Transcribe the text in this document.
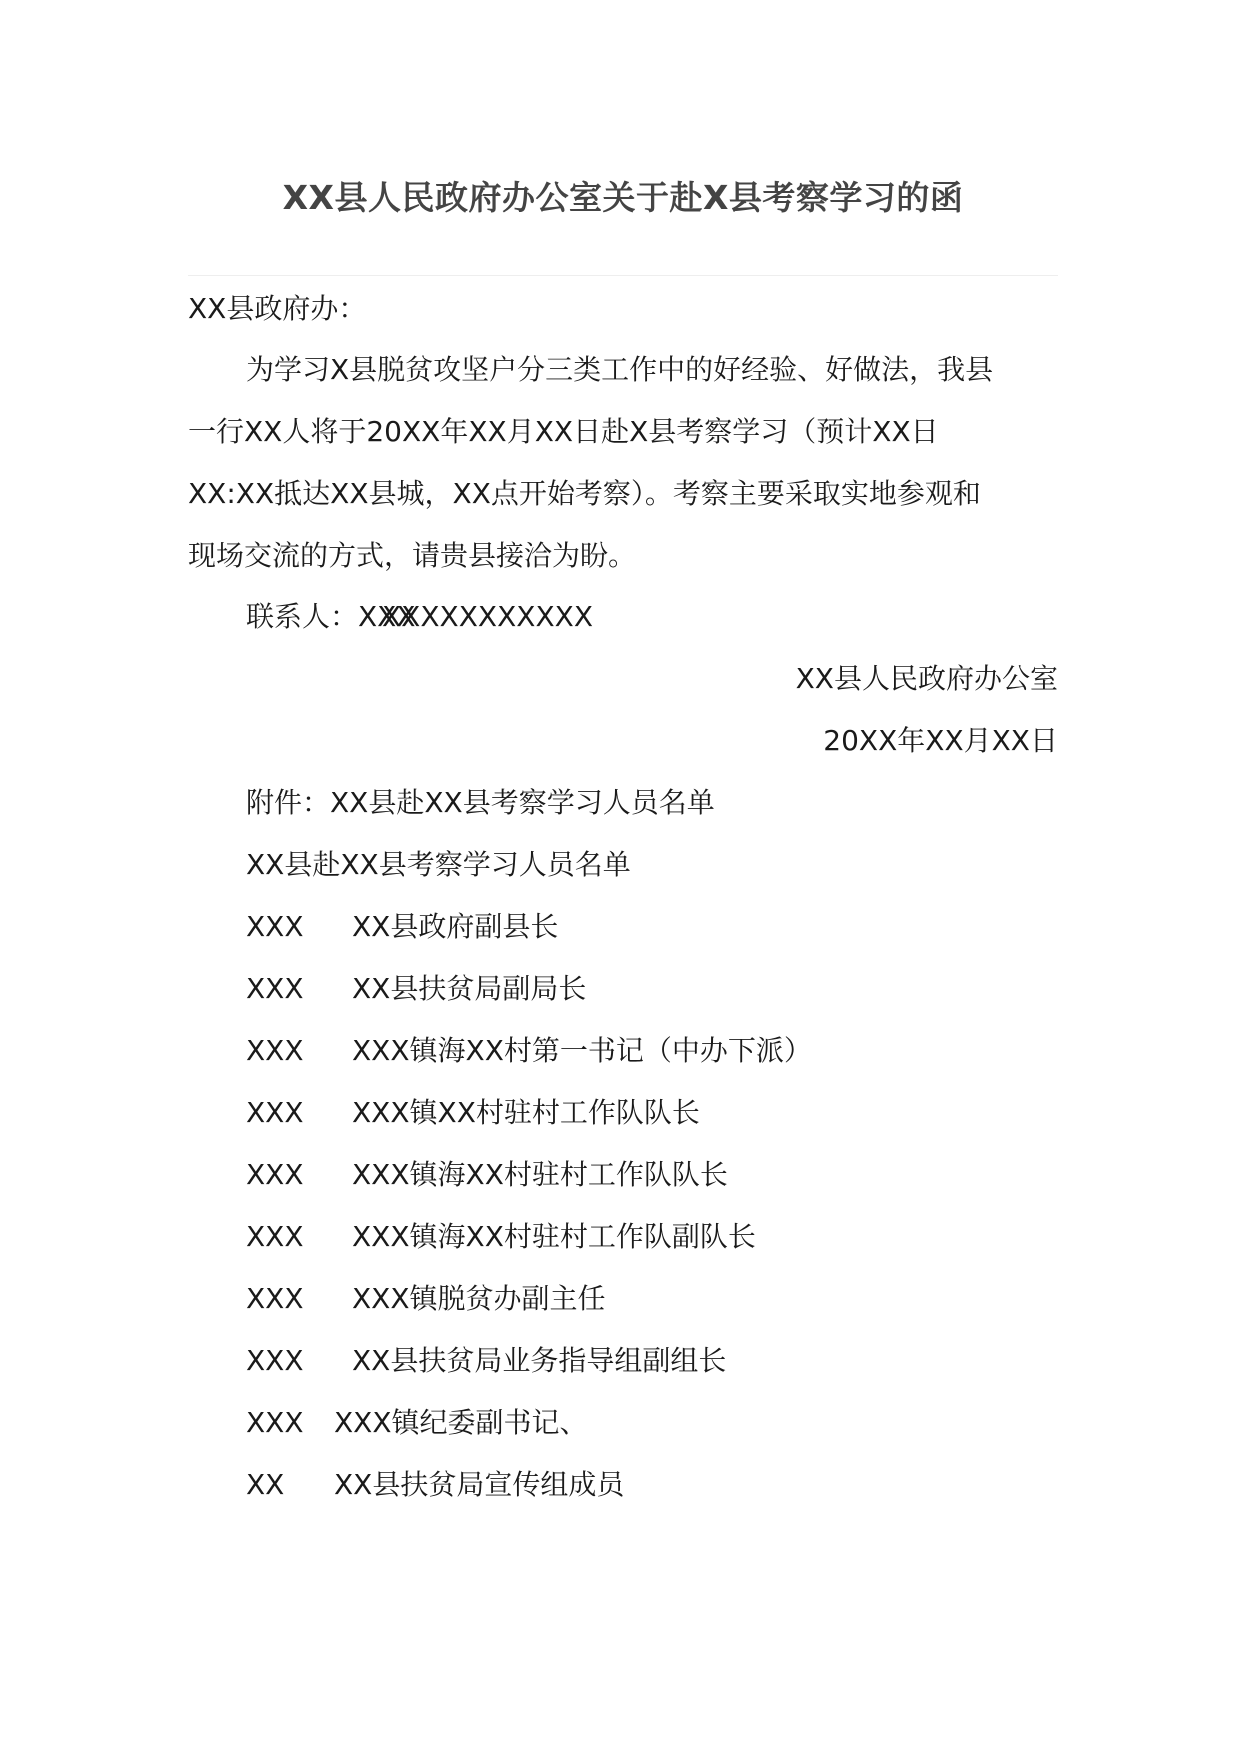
XX县人民政府办公室关于赴X县考察学习的函
XX县政府办：
为学习X县脱贫攻坚户分三类工作中的好经验、好做法，我县
一行XX人将于20XX年XX月XX日赴X县考察学习（预计XX日
XX:XX抵达XX县城，XX点开始考察）。考察主要采取实地参观和
现场交流的方式，请贵县接洽为盼。
联系人：XXXXXXXXXXXXXX
XX县人民政府办公室
20XX年XX月XX日
附件：XX县赴XX县考察学习人员名单
XX县赴XX县考察学习人员名单
XXX XX县政府副县长
XXX XX县扶贫局副局长
XXX XXX镇海XX村第一书记（中办下派）
XXX XXX镇XX村驻村工作队队长
XXX XXX镇海XX村驻村工作队队长
XXX XXX镇海XX村驻村工作队副队长
XXX XXX镇脱贫办副主任
XXX XX县扶贫局业务指导组副组长
XXX XXX镇纪委副书记、
XX XX县扶贫局宣传组成员
